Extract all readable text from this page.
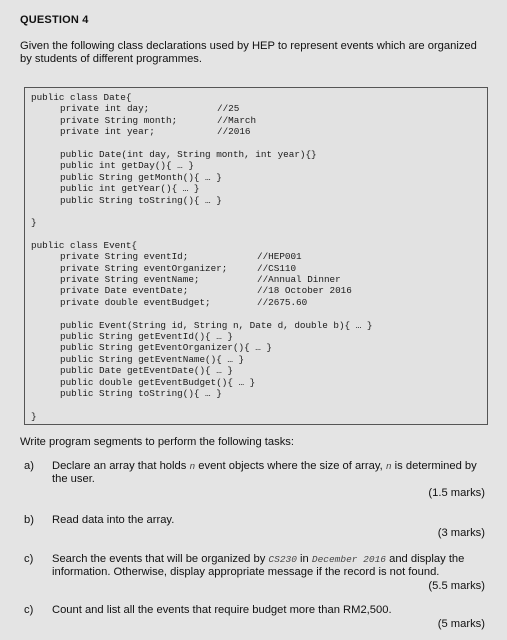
QUESTION 4
Given the following class declarations used by HEP to represent events which are organized by students of different programmes.
public class Date{
private int day;	//25
private String month;	//March
private int year;	//2016
public Date(int day, String month, int year){}
public int getDay(){ … }
public String getMonth(){ … }
public int getYear(){ … }
public String toString(){ … }
}
public class Event{
private String eventId;	//HEP001
private String eventOrganizer;	//CS110
private String eventName;	//Annual Dinner
private Date eventDate;	//18 October 2016
private double eventBudget;	//2675.60
public Event(String id, String n, Date d, double b){ … }
public String getEventId(){ … }
public String getEventOrganizer(){ … }
public String getEventName(){ … }
public Date getEventDate(){ … }
public double getEventBudget(){ … }
public String toString(){ … }
}
Write program segments to perform the following tasks:
a) Declare an array that holds n event objects where the size of array, n is determined by the user.
(1.5 marks)
b) Read data into the array.
(3 marks)
c) Search the events that will be organized by CS230 in December 2016 and display the information. Otherwise, display appropriate message if the record is not found.
(5.5 marks)
c) Count and list all the events that require budget more than RM2,500.
(5 marks)
